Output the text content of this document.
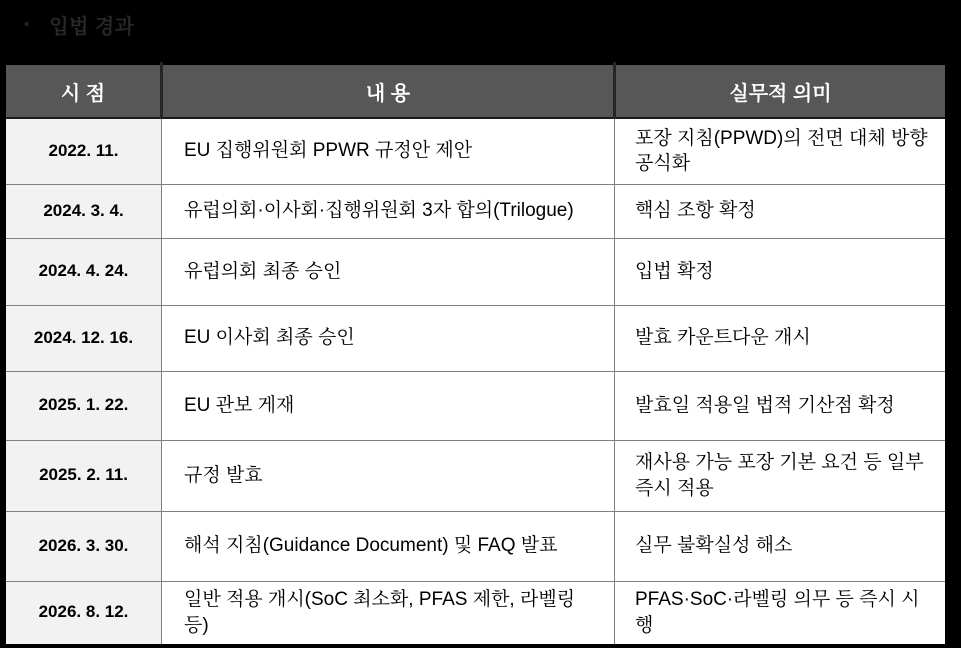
• 입법 경과
시 점	내 용	실무적 의미
2022. 11.	EU 집행위원회 PPWR 규정안 제안	포장 지침(PPWD)의 전면 대체 방향 공식화
2024. 3. 4.	유럽의회·이사회·집행위원회 3자 합의(Trilogue)	핵심 조항 확정
2024. 4. 24.	유럽의회 최종 승인	입법 확정
2024. 12. 16.	EU 이사회 최종 승인	발효 카운트다운 개시
2025. 1. 22.	EU 관보 게재	발효일 적용일 법적 기산점 확정
2025. 2. 11.	규정 발효	재사용 가능 포장 기본 요건 등 일부 즉시 적용
2026. 3. 30.	해석 지침(Guidance Document) 및 FAQ 발표	실무 불확실성 해소
2026. 8. 12.	일반 적용 개시(SoC 최소화, PFAS 제한, 라벨링 등)	PFAS·SoC·라벨링 의무 등 즉시 시행
